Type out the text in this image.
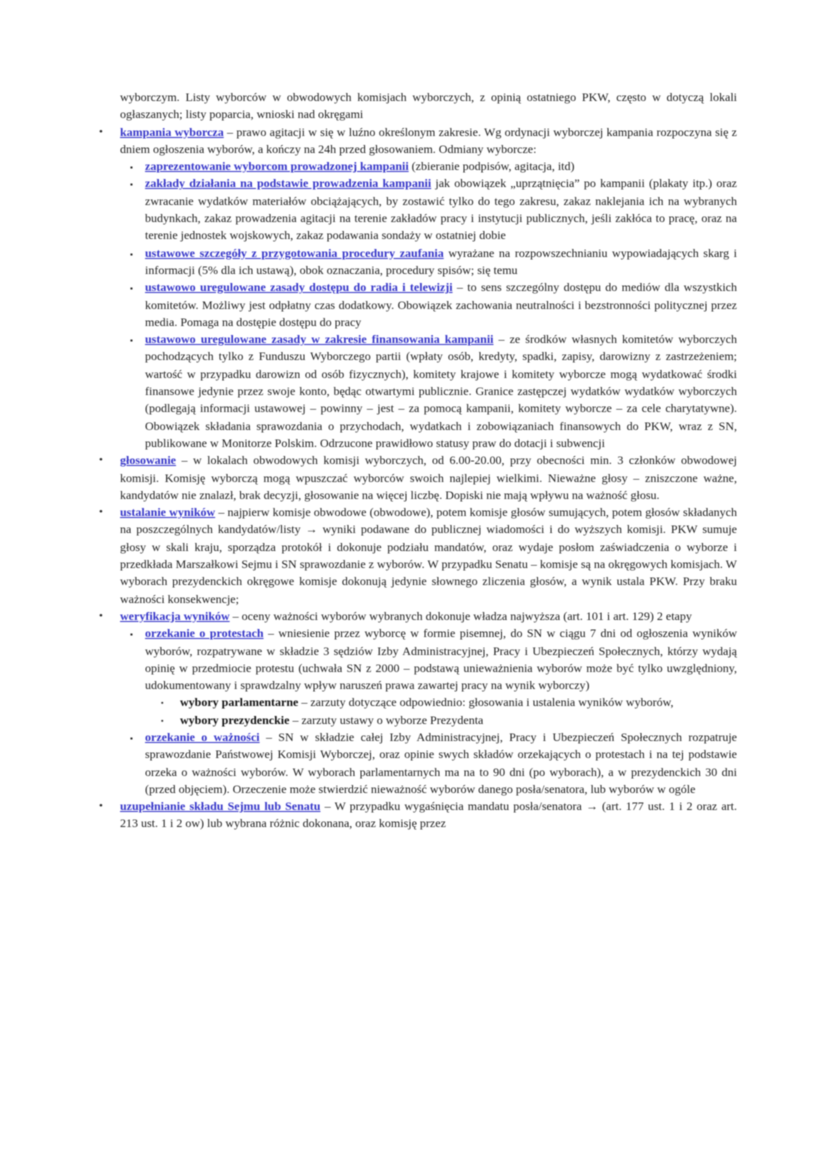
wyborczym. Listy wyborców w obwodowych komisjach wyborczych, z opinią ostatniego PKW, często w dotyczą lokali ogłaszanych; listy poparcia, wnioski nad okręgami
• kampania wyborcza – prawo agitacji w się w luźno określonym zakresie. Wg ordynacji wyborczej kampania rozpoczyna się z dniem ogłoszenia wyborów, a kończy na 24h przed głosowaniem. Odmiany wyborcze:
▪ zaprezentowanie wyborcom prowadzonej kampanii (zbieranie podpisów, agitacja, itd)
▪ zakłady działania na podstawie prowadzenia kampanii jak obowiązek „uprzątnięcia” po kampanii (plakaty itp.) oraz zwracanie wydatków materiałów obciążających, by zostawić tylko do tego zakresu, zakaz naklejania ich na wybranych budynkach, zakaz prowadzenia agitacji na terenie zakładów pracy i instytucji publicznych, jeśli zakłóca to pracę, oraz na terenie jednostek wojskowych, zakaz podawania sondaży w ostatniej dobie
▪ ustawowe szczegóły z przygotowania procedury zaufania wyrażane na rozpowszechnianiu wypowiadających skarg i informacji (5% dla ich ustawą), obok oznaczania, procedury spisów; się temu
▪ ustawowo uregulowane zasady dostępu do radia i telewizji – to sens szczególny dostępu do mediów dla wszystkich komitetów. Możliwy jest odpłatny czas dodatkowy. Obowiązek zachowania neutralności i bezstronności politycznej przez media. Pomaga na dostępie dostępu do pracy
▪ ustawowo uregulowane zasady w zakresie finansowania kampanii – ze środków własnych komitetów wyborczych pochodzących tylko z Funduszu Wyborczego partii (wpłaty osób, kredyty, spadki, zapisy, darowizny z zastrzeżeniem; wartość w przypadku darowizn od osób fizycznych), komitety krajowe i komitety wyborcze mogą wydatkować środki finansowe jedynie przez swoje konto, będąc otwartymi publicznie. Granice zastępczej wydatków wydatków wyborczych (podlegają informacji ustawowej – powinny – jest – za pomocą kampanii, komitety wyborcze – za cele charytatywne). Obowiązek składania sprawozdania o przychodach, wydatkach i zobowiązaniach finansowych do PKW, wraz z SN, publikowane w Monitorze Polskim. Odrzucone prawidłowo statusy praw do dotacji i subwencji
• głosowanie – w lokalach obwodowych komisji wyborczych, od 6.00-20.00, przy obecności min. 3 członków obwodowej komisji. Komisję wyborczą mogą wpuszczać wyborców swoich najlepiej wielkimi. Nieważne głosy – zniszczone ważne, kandydatów nie znalazł, brak decyzji, głosowanie na więcej liczbę. Dopiski nie mają wpływu na ważność głosu.
• ustalanie wyników – najpierw komisje obwodowe (obwodowe), potem komisje głosów sumujących, potem głosów składanych na poszczególnych kandydatów/listy → wyniki podawane do publicznej wiadomości i do wyższych komisji. PKW sumuje głosy w skali kraju, sporządza protokół i dokonuje podziału mandatów, oraz wydaje posłom zaświadczenia o wyborze i przedkłada Marszałkowi Sejmu i SN sprawozdanie z wyborów. W przypadku Senatu – komisje są na okręgowych komisjach. W wyborach prezydenckich okręgowe komisje dokonują jedynie słownego zliczenia głosów, a wynik ustala PKW. Przy braku ważności konsekwencje;
• weryfikacja wyników – oceny ważności wyborów wybranych dokonuje władza najwyższa (art. 101 i art. 129) 2 etapy
▪ orzekanie o protestach – wniesienie przez wyborcę w formie pisemnej, do SN w ciągu 7 dni od ogłoszenia wyników wyborów, rozpatrywane w składzie 3 sędziów Izby Administracyjnej, Pracy i Ubezpieczeń Społecznych, którzy wydają opinię w przedmiocie protestu (uchwała SN z 2000 – podstawą unieważnienia wyborów może być tylko uwzględniony, udokumentowany i sprawdzalny wpływ naruszeń prawa zawartej pracy na wynik wyborczy)
▪ wybory parlamentarne – zarzuty dotyczące odpowiednio: głosowania i ustalenia wyników wyborów,
▪ wybory prezydenckie – zarzuty ustawy o wyborze Prezydenta
▪ orzekanie o ważności – SN w składzie całej Izby Administracyjnej, Pracy i Ubezpieczeń Społecznych rozpatruje sprawozdanie Państwowej Komisji Wyborczej, oraz opinie swych składów orzekających o protestach i na tej podstawie orzeka o ważności wyborów. W wyborach parlamentarnych ma na to 90 dni (po wyborach), a w prezydenckich 30 dni (przed objęciem). Orzeczenie może stwierdzić nieważność wyborów danego posła/senatora, lub wyborów w ogóle
• uzupełnianie składu Sejmu lub Senatu – W przypadku wygaśnięcia mandatu posła/senatora → (art. 177 ust. 1 i 2 oraz art. 213 ust. 1 i 2 ow) lub wybrana różnic dokonana, oraz komisję przez
